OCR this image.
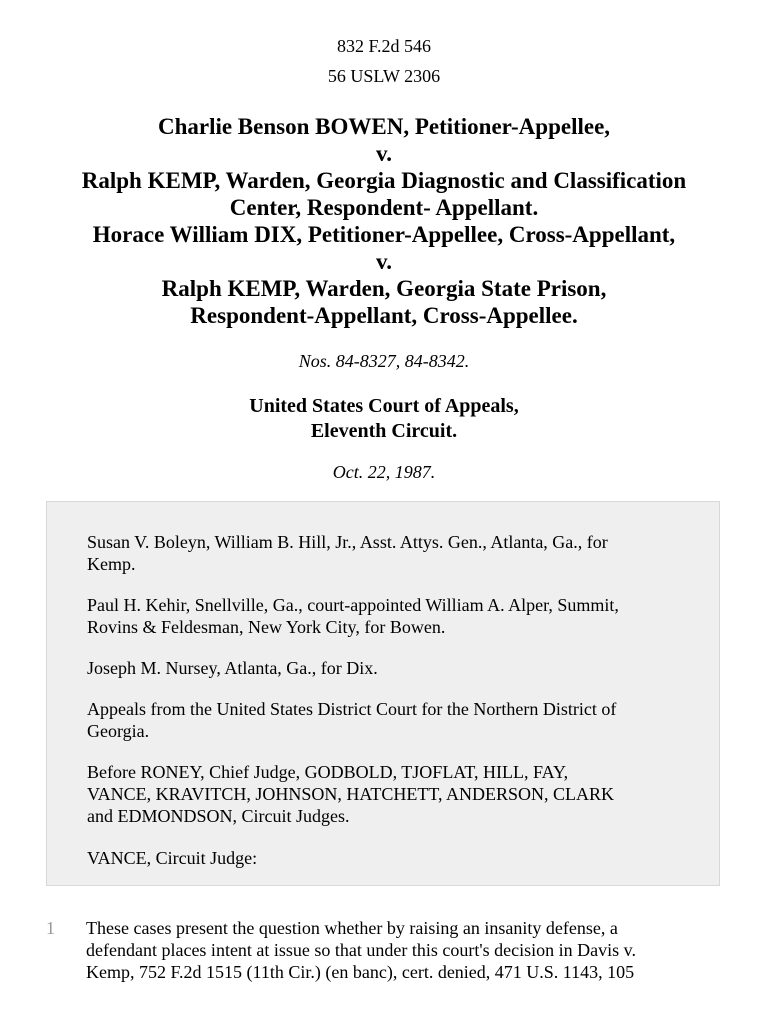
832 F.2d 546
56 USLW 2306
Charlie Benson BOWEN, Petitioner-Appellee,
v.
Ralph KEMP, Warden, Georgia Diagnostic and Classification
Center, Respondent- Appellant.
Horace William DIX, Petitioner-Appellee, Cross-Appellant,
v.
Ralph KEMP, Warden, Georgia State Prison,
Respondent-Appellant, Cross-Appellee.
Nos. 84-8327, 84-8342.
United States Court of Appeals,
Eleventh Circuit.
Oct. 22, 1987.

Susan V. Boleyn, William B. Hill, Jr., Asst. Attys. Gen., Atlanta, Ga., for
Kemp.

Paul H. Kehir, Snellville, Ga., court-appointed William A. Alper, Summit,
Rovins & Feldesman, New York City, for Bowen.

Joseph M. Nursey, Atlanta, Ga., for Dix.

Appeals from the United States District Court for the Northern District of
Georgia.

Before RONEY, Chief Judge, GODBOLD, TJOFLAT, HILL, FAY,
VANCE, KRAVITCH, JOHNSON, HATCHETT, ANDERSON, CLARK
and EDMONDSON, Circuit Judges.

VANCE, Circuit Judge:

1 These cases present the question whether by raising an insanity defense, a
defendant places intent at issue so that under this court's decision in Davis v.
Kemp, 752 F.2d 1515 (11th Cir.) (en banc), cert. denied, 471 U.S. 1143, 105
